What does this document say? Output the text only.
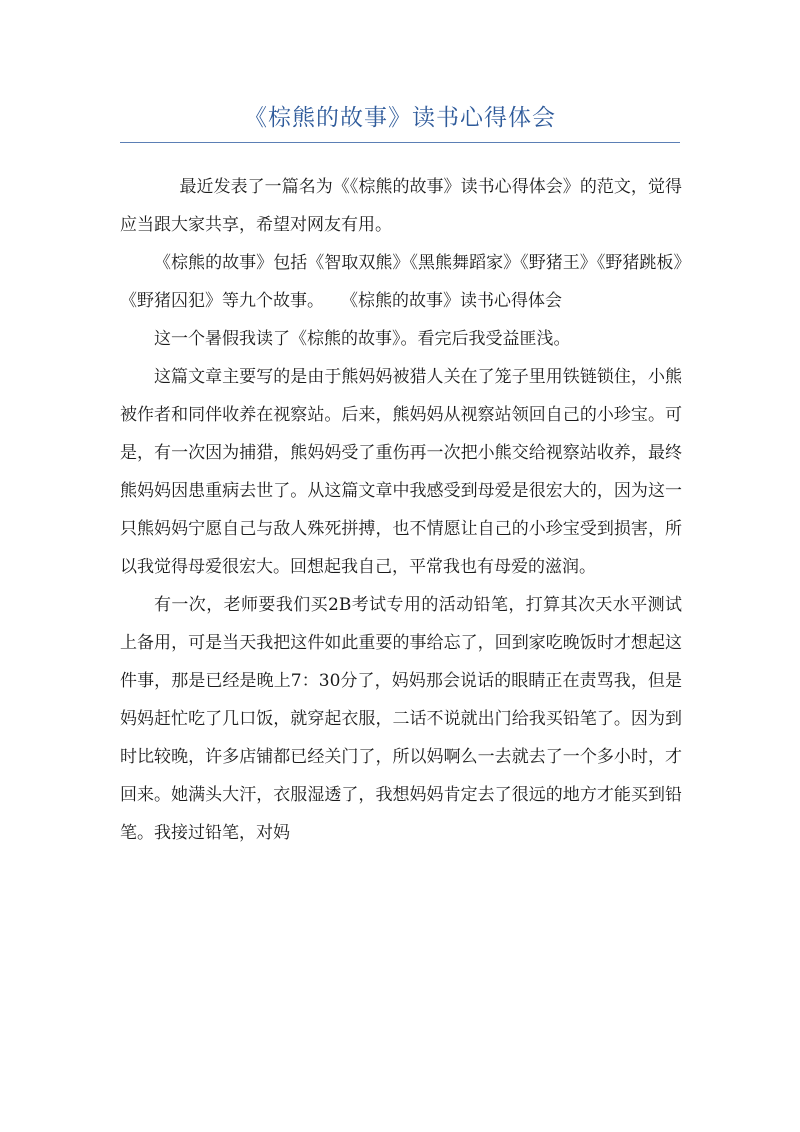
《棕熊的故事》读书心得体会

最近发表了一篇名为《《棕熊的故事》读书心得体会》的范文，觉得应当跟大家共享，希望对网友有用。

《棕熊的故事》包括《智取双熊》《黑熊舞蹈家》《野猪王》《野猪跳板》《野猪囚犯》等九个故事。　　《棕熊的故事》读书心得体会

这一个暑假我读了《棕熊的故事》。看完后我受益匪浅。

这篇文章主要写的是由于熊妈妈被猎人关在了笼子里用铁链锁住，小熊被作者和同伴收养在视察站。后来，熊妈妈从视察站领回自己的小珍宝。可是，有一次因为捕猎，熊妈妈受了重伤再一次把小熊交给视察站收养，最终熊妈妈因患重病去世了。从这篇文章中我感受到母爱是很宏大的，因为这一只熊妈妈宁愿自己与敌人殊死拼搏，也不情愿让自己的小珍宝受到损害，所以我觉得母爱很宏大。回想起我自己，平常我也有母爱的滋润。

有一次，老师要我们买2B考试专用的活动铅笔，打算其次天水平测试上备用，可是当天我把这件如此重要的事给忘了，回到家吃晚饭时才想起这件事，那是已经是晚上7：30分了，妈妈那会说话的眼睛正在责骂我，但是妈妈赶忙吃了几口饭，就穿起衣服，二话不说就出门给我买铅笔了。因为到时比较晚，许多店铺都已经关门了，所以妈啊么一去就去了一个多小时，才回来。她满头大汗，衣服湿透了，我想妈妈肯定去了很远的地方才能买到铅笔。我接过铅笔，对妈
